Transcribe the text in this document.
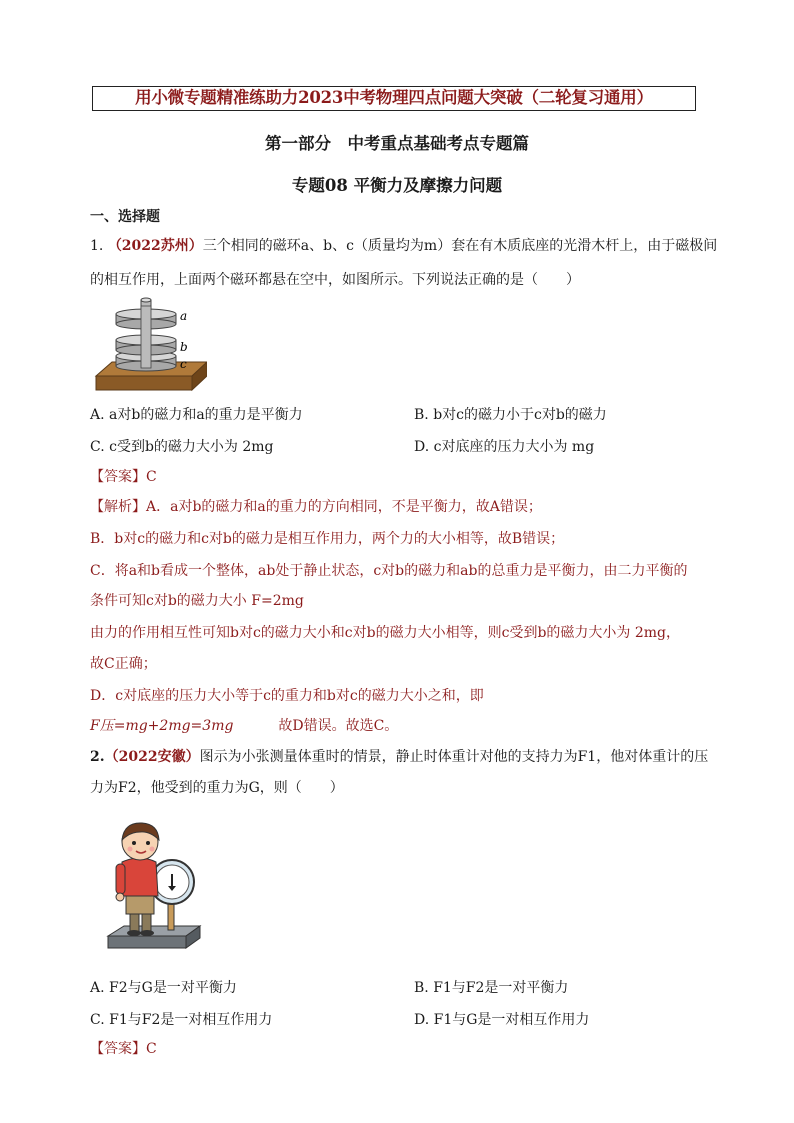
用小微专题精准练助力2023中考物理四点问题大突破（二轮复习通用）
第一部分　中考重点基础考点专题篇
专题08 平衡力及摩擦力问题
一、选择题
1. （2022苏州）三个相同的磁环a、b、c（质量均为m）套在有木质底座的光滑木杆上，由于磁极间
的相互作用，上面两个磁环都悬在空中，如图所示。下列说法正确的是（　　）
a
b
c
A. a对b的磁力和a的重力是平衡力	B. b对c的磁力小于c对b的磁力
C. c受到b的磁力大小为 2mg	D. c对底座的压力大小为 mg
【答案】C
【解析】A．a对b的磁力和a的重力的方向相同，不是平衡力，故A错误；
B．b对c的磁力和c对b的磁力是相互作用力，两个力的大小相等，故B错误；
C．将a和b看成一个整体，ab处于静止状态，c对b的磁力和ab的总重力是平衡力，由二力平衡的
条件可知c对b的磁力大小 F=2mg
由力的作用相互性可知b对c的磁力大小和c对b的磁力大小相等，则c受到b的磁力大小为 2mg，
故C正确；
D．c对底座的压力大小等于c的重力和b对c的磁力大小之和，即
F压=mg+2mg=3mg	故D错误。故选C。
2.（2022安徽）图示为小张测量体重时的情景，静止时体重计对他的支持力为F1，他对体重计的压
力为F2，他受到的重力为G，则（　　）
A. F2与G是一对平衡力	B. F1与F2是一对平衡力
C. F1与F2是一对相互作用力	D. F1与G是一对相互作用力
【答案】C
